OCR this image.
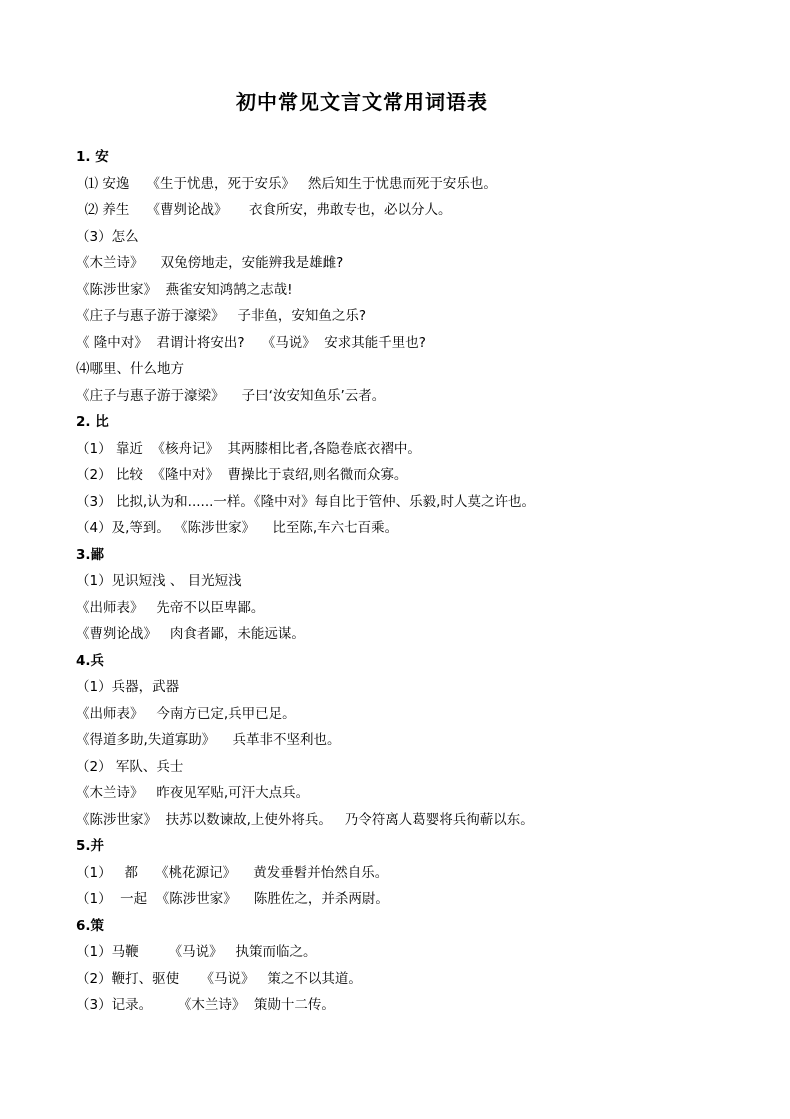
初中常见文言文常用词语表
1. 安
⑴ 安逸    《生于忧患，死于安乐》   然后知生于忧患而死于安乐也。
⑵ 养生    《曹刿论战》     衣食所安，弗敢专也，必以分人。
（3）怎么
《木兰诗》    双兔傍地走，安能辨我是雄雌?
《陈涉世家》  燕雀安知鸿鹄之志哉!
《庄子与惠子游于濠梁》   子非鱼，安知鱼之乐?
《 隆中对》  君谓计将安出?    《马说》  安求其能千里也?
⑷哪里、什么地方
《庄子与惠子游于濠梁》    子曰‘汝安知鱼乐’云者。
2. 比
（1） 靠近  《核舟记》  其两膝相比者,各隐卷底衣褶中。
（2） 比较  《隆中对》  曹操比于袁绍,则名微而众寡。
（3） 比拟,认为和......一样。《隆中对》每自比于管仲、乐毅,时人莫之许也。
（4）及,等到。 《陈涉世家》    比至陈,车六七百乘。
3.鄙
（1）见识短浅 、 目光短浅
《出师表》   先帝不以臣卑鄙。
《曹刿论战》   肉食者鄙，未能远谋。
4.兵
（1）兵器，武器
《出师表》   今南方已定,兵甲已足。
《得道多助,失道寡助》    兵革非不坚利也。
（2） 军队、兵士
《木兰诗》   昨夜见军贴,可汗大点兵。
《陈涉世家》  扶苏以数谏故,上使外将兵。   乃令符离人葛婴将兵徇蕲以东。
5.并
（1）   都    《桃花源记》    黄发垂髫并怡然自乐。
（1）  一起  《陈涉世家》    陈胜佐之，并杀两尉。
6.策
（1）马鞭       《马说》   执策而临之。
（2）鞭打、驱使     《马说》   策之不以其道。
（3）记录。      《木兰诗》  策勋十二传。
